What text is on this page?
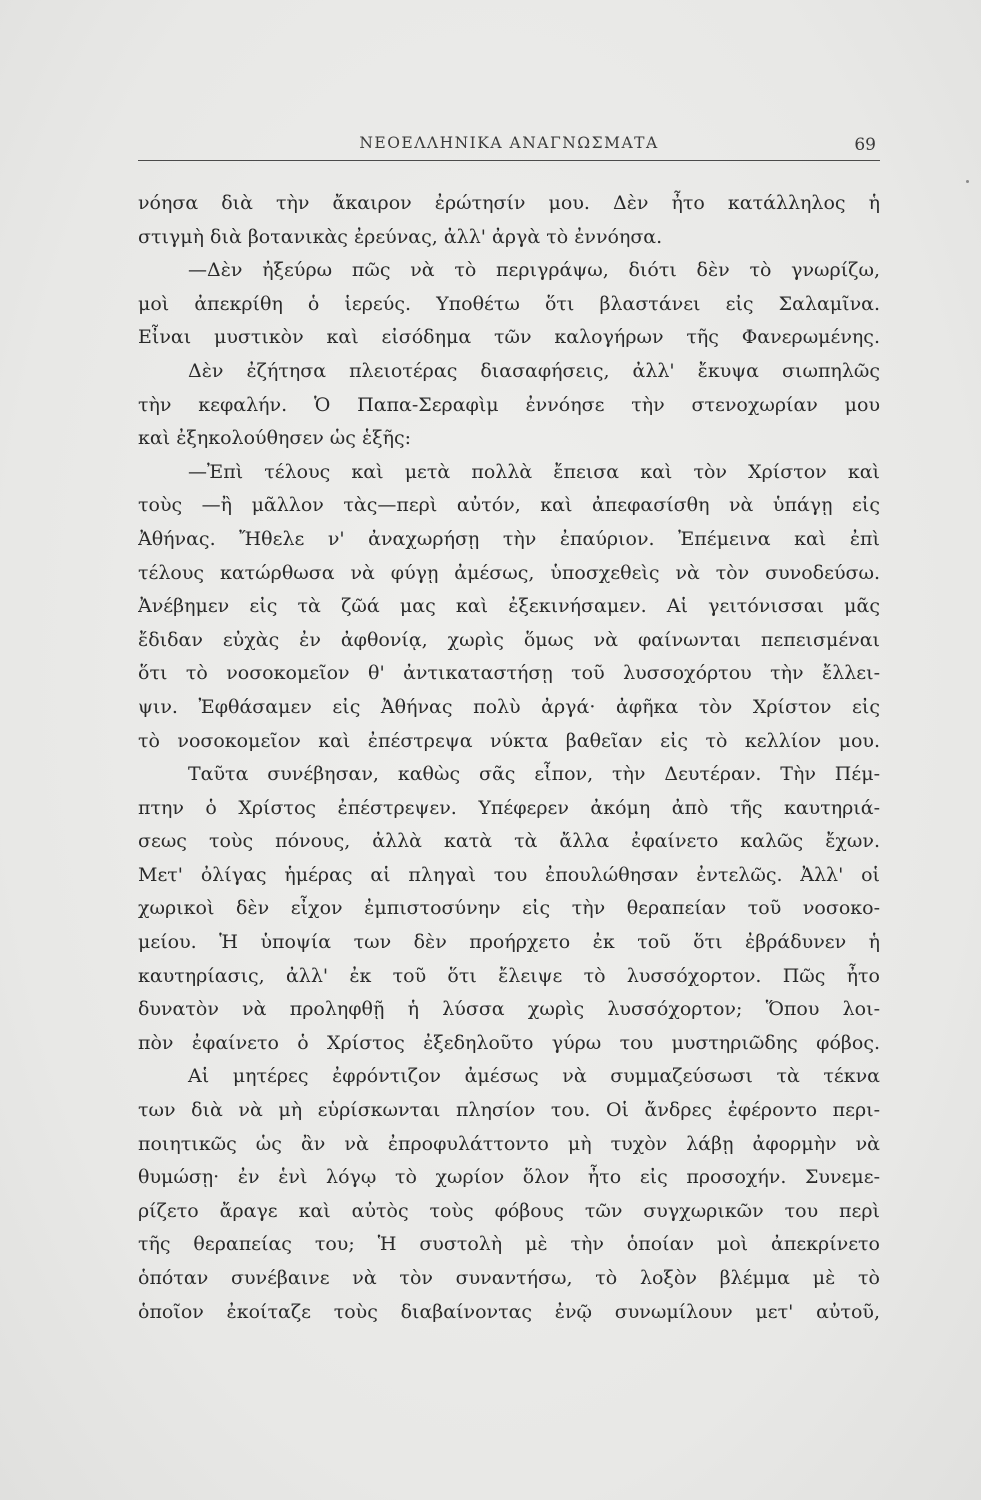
ΝΕΟΕΛΛΗΝΙΚΑ ΑΝΑΓΝΩΣΜΑΤΑ	69
νόησα διὰ τὴν ἄκαιρον ἐρώτησίν μου. Δὲν ἦτο κατάλληλος ἡ
στιγμὴ διὰ βοτανικὰς ἐρεύνας, ἀλλ' ἀργὰ τὸ ἐννόησα.
—Δὲν ἠξεύρω πῶς νὰ τὸ περιγράψω, διότι δὲν τὸ γνωρίζω,
μοὶ ἀπεκρίθη ὁ ἱερεύς. Υποθέτω ὅτι βλαστάνει εἰς Σαλαμῖνα.
Εἶναι μυστικὸν καὶ εἰσόδημα τῶν καλογήρων τῆς Φανερωμένης.
Δὲν ἐζήτησα πλειοτέρας διασαφήσεις, ἀλλ' ἔκυψα σιωπηλῶς
τὴν κεφαλήν. Ὁ Παπα-Σεραφὶμ ἐννόησε τὴν στενοχωρίαν μου
καὶ ἐξηκολούθησεν ὡς ἑξῆς:
—Ἐπὶ τέλους καὶ μετὰ πολλὰ ἔπεισα καὶ τὸν Χρίστον καὶ
τοὺς —ἢ μᾶλλον τὰς—περὶ αὐτόν, καὶ ἀπεφασίσθη νὰ ὑπάγῃ εἰς
Ἀθήνας. Ἤθελε ν' ἀναχωρήσῃ τὴν ἐπαύριον. Ἐπέμεινα καὶ ἐπὶ
τέλους κατώρθωσα νὰ φύγῃ ἀμέσως, ὑποσχεθεὶς νὰ τὸν συνοδεύσω.
Ἀνέβημεν εἰς τὰ ζῶά μας καὶ ἐξεκινήσαμεν. Αἱ γειτόνισσαι μᾶς
ἔδιδαν εὐχὰς ἐν ἀφθονίᾳ, χωρὶς ὅμως νὰ φαίνωνται πεπεισμέναι
ὅτι τὸ νοσοκομεῖον θ' ἀντικαταστήσῃ τοῦ λυσσοχόρτου τὴν ἔλλει-
ψιν. Ἐφθάσαμεν εἰς Ἀθήνας πολὺ ἀργά· ἀφῆκα τὸν Χρίστον εἰς
τὸ νοσοκομεῖον καὶ ἐπέστρεψα νύκτα βαθεῖαν εἰς τὸ κελλίον μου.
Ταῦτα συνέβησαν, καθὼς σᾶς εἶπον, τὴν Δευτέραν. Τὴν Πέμ-
πτην ὁ Χρίστος ἐπέστρεψεν. Υπέφερεν ἀκόμη ἀπὸ τῆς καυτηριά-
σεως τοὺς πόνους, ἀλλὰ κατὰ τὰ ἄλλα ἐφαίνετο καλῶς ἔχων.
Μετ' ὀλίγας ἡμέρας αἱ πληγαὶ του ἐπουλώθησαν ἐντελῶς. Ἀλλ' οἱ
χωρικοὶ δὲν εἶχον ἐμπιστοσύνην εἰς τὴν θεραπείαν τοῦ νοσοκο-
μείου. Ἡ ὑποψία των δὲν προήρχετο ἐκ τοῦ ὅτι ἐβράδυνεν ἡ
καυτηρίασις, ἀλλ' ἐκ τοῦ ὅτι ἔλειψε τὸ λυσσόχορτον. Πῶς ἦτο
δυνατὸν νὰ προληφθῇ ἡ λύσσα χωρὶς λυσσόχορτον; Ὅπου λοι-
πὸν ἐφαίνετο ὁ Χρίστος ἐξεδηλοῦτο γύρω του μυστηριῶδης φόβος.
Αἱ μητέρες ἐφρόντιζον ἀμέσως νὰ συμμαζεύσωσι τὰ τέκνα
των διὰ νὰ μὴ εὑρίσκωνται πλησίον του. Οἱ ἄνδρες ἐφέροντο περι-
ποιητικῶς ὡς ἂν νὰ ἐπροφυλάττοντο μὴ τυχὸν λάβῃ ἀφορμὴν νὰ
θυμώσῃ· ἐν ἑνὶ λόγῳ τὸ χωρίον ὅλον ἦτο εἰς προσοχήν. Συνεμε-
ρίζετο ἄραγε καὶ αὐτὸς τοὺς φόβους τῶν συγχωρικῶν του περὶ
τῆς θεραπείας του; Ἡ συστολὴ μὲ τὴν ὁποίαν μοὶ ἀπεκρίνετο
ὁπόταν συνέβαινε νὰ τὸν συναντήσω, τὸ λοξὸν βλέμμα μὲ τὸ
ὁποῖον ἐκοίταζε τοὺς διαβαίνοντας ἐνῷ συνωμίλουν μετ' αὐτοῦ,
